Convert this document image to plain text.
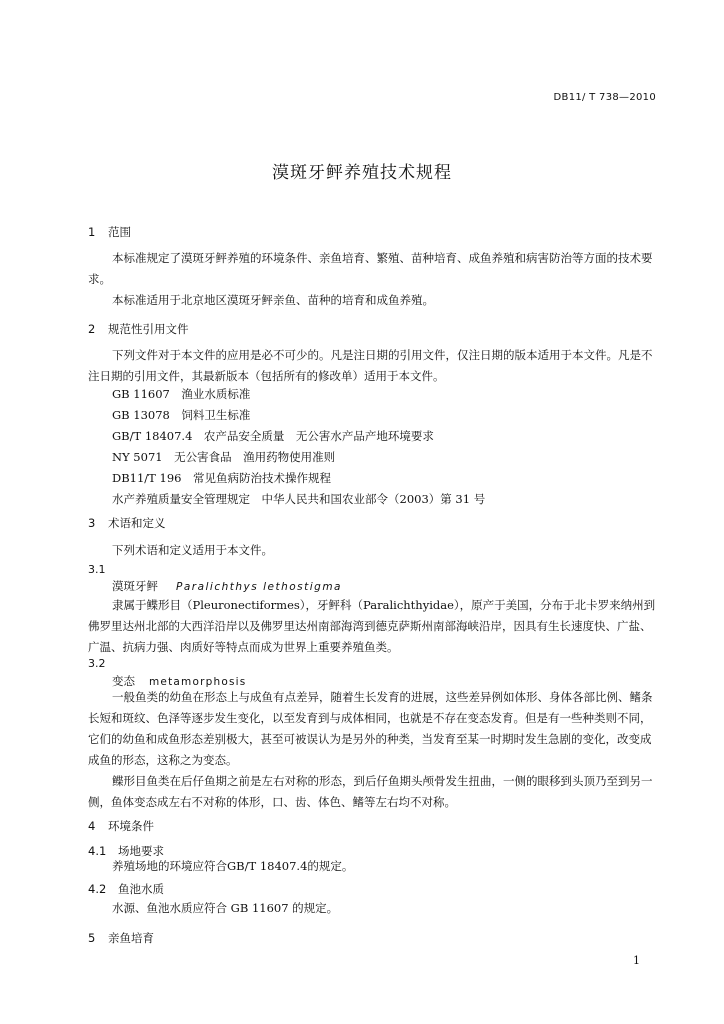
DB11/ T 738—2010
漠斑牙鲆养殖技术规程
1 范围
本标准规定了漠斑牙鲆养殖的环境条件、亲鱼培育、繁殖、苗种培育、成鱼养殖和病害防治等方面的技术要求。
本标准适用于北京地区漠斑牙鲆亲鱼、苗种的培育和成鱼养殖。
2 规范性引用文件
下列文件对于本文件的应用是必不可少的。凡是注日期的引用文件，仅注日期的版本适用于本文件。凡是不注日期的引用文件，其最新版本（包括所有的修改单）适用于本文件。
GB 11607　渔业水质标准
GB 13078　饲料卫生标准
GB/T 18407.4　农产品安全质量　无公害水产品产地环境要求
NY 5071　无公害食品　渔用药物使用准则
DB11/T 196　常见鱼病防治技术操作规程
水产养殖质量安全管理规定　中华人民共和国农业部令（2003）第 31 号
3 术语和定义
下列术语和定义适用于本文件。
3.1
漠斑牙鲆 Paralichthys lethostigma
隶属于鲽形目（Pleuronectiformes），牙鲆科（Paralichthyidae），原产于美国，分布于北卡罗来纳州到佛罗里达州北部的大西洋沿岸以及佛罗里达州南部海湾到德克萨斯州南部海峡沿岸，因具有生长速度快、广盐、广温、抗病力强、肉质好等特点而成为世界上重要养殖鱼类。
3.2
变态 metamorphosis
一般鱼类的幼鱼在形态上与成鱼有点差异，随着生长发育的进展，这些差异例如体形、身体各部比例、鳍条长短和斑纹、色泽等逐步发生变化，以至发育到与成体相同，也就是不存在变态发育。但是有一些种类则不同，它们的幼鱼和成鱼形态差别极大，甚至可被误认为是另外的种类，当发育至某一时期时发生急剧的变化，改变成成鱼的形态，这称之为变态。
鲽形目鱼类在后仔鱼期之前是左右对称的形态，到后仔鱼期头颅骨发生扭曲，一侧的眼移到头顶乃至到另一侧，鱼体变态成左右不对称的体形，口、齿、体色、鳍等左右均不对称。
4 环境条件
4.1 场地要求
养殖场地的环境应符合GB/T 18407.4的规定。
4.2 鱼池水质
水源、鱼池水质应符合 GB 11607 的规定。
5 亲鱼培育
1
